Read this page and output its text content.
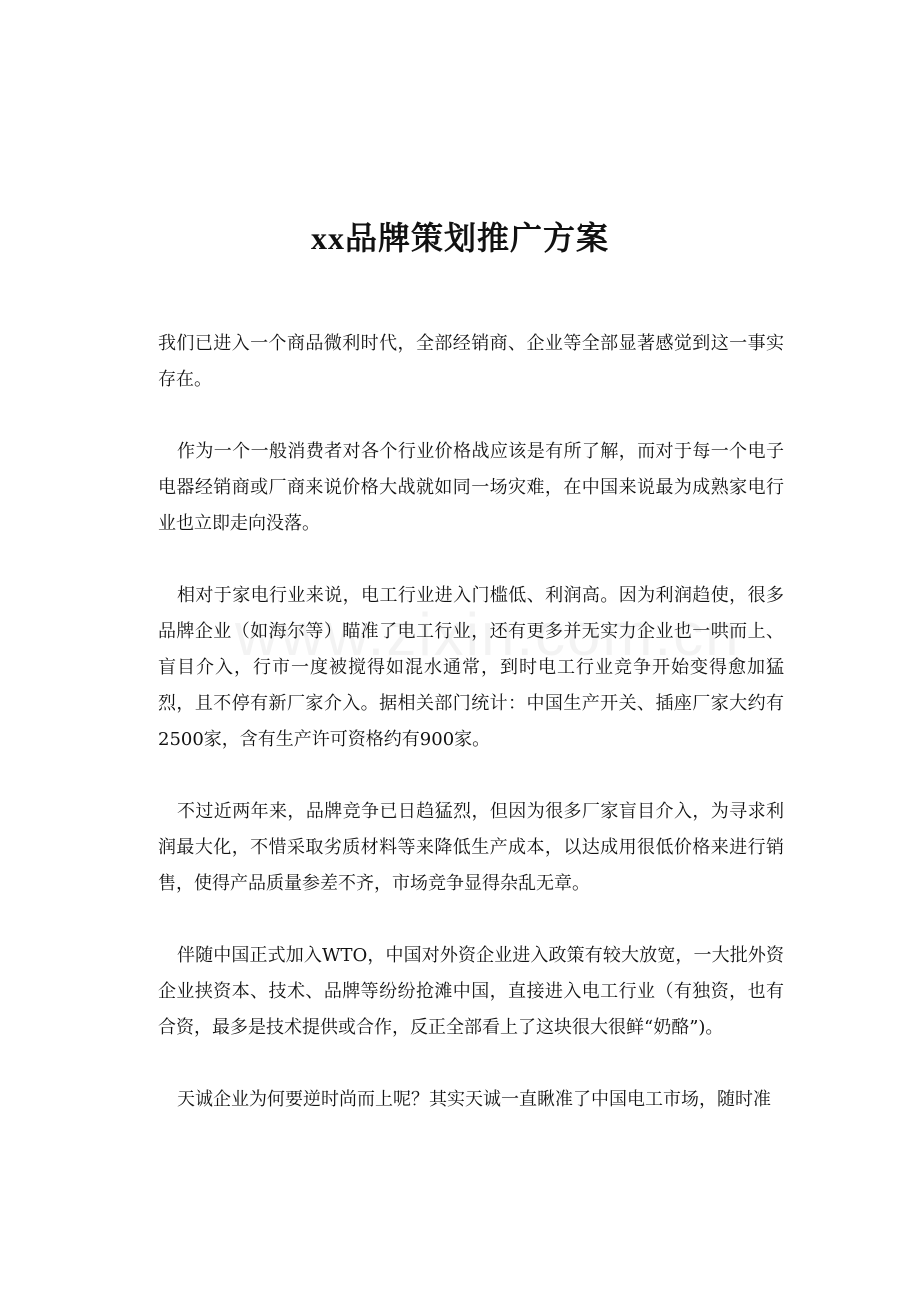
xx品牌策划推广方案

我们已进入一个商品微利时代，全部经销商、企业等全部显著感觉到这一事实存在。

作为一个一般消费者对各个行业价格战应该是有所了解，而对于每一个电子电器经销商或厂商来说价格大战就如同一场灾难，在中国来说最为成熟家电行业也立即走向没落。

相对于家电行业来说，电工行业进入门槛低、利润高。因为利润趋使，很多品牌企业（如海尔等）瞄准了电工行业，还有更多并无实力企业也一哄而上、盲目介入，行市一度被搅得如混水通常，到时电工行业竞争开始变得愈加猛烈，且不停有新厂家介入。据相关部门统计：中国生产开关、插座厂家大约有2500家，含有生产许可资格约有900家。

不过近两年来，品牌竞争已日趋猛烈，但因为很多厂家盲目介入，为寻求利润最大化，不惜采取劣质材料等来降低生产成本，以达成用很低价格来进行销售，使得产品质量参差不齐，市场竞争显得杂乱无章。

伴随中国正式加入WTO，中国对外资企业进入政策有较大放宽，一大批外资企业挟资本、技术、品牌等纷纷抢滩中国，直接进入电工行业（有独资，也有合资，最多是技术提供或合作，反正全部看上了这块很大很鲜“奶酪”)。

天诚企业为何要逆时尚而上呢？其实天诚一直瞅准了中国电工市场，随时准
